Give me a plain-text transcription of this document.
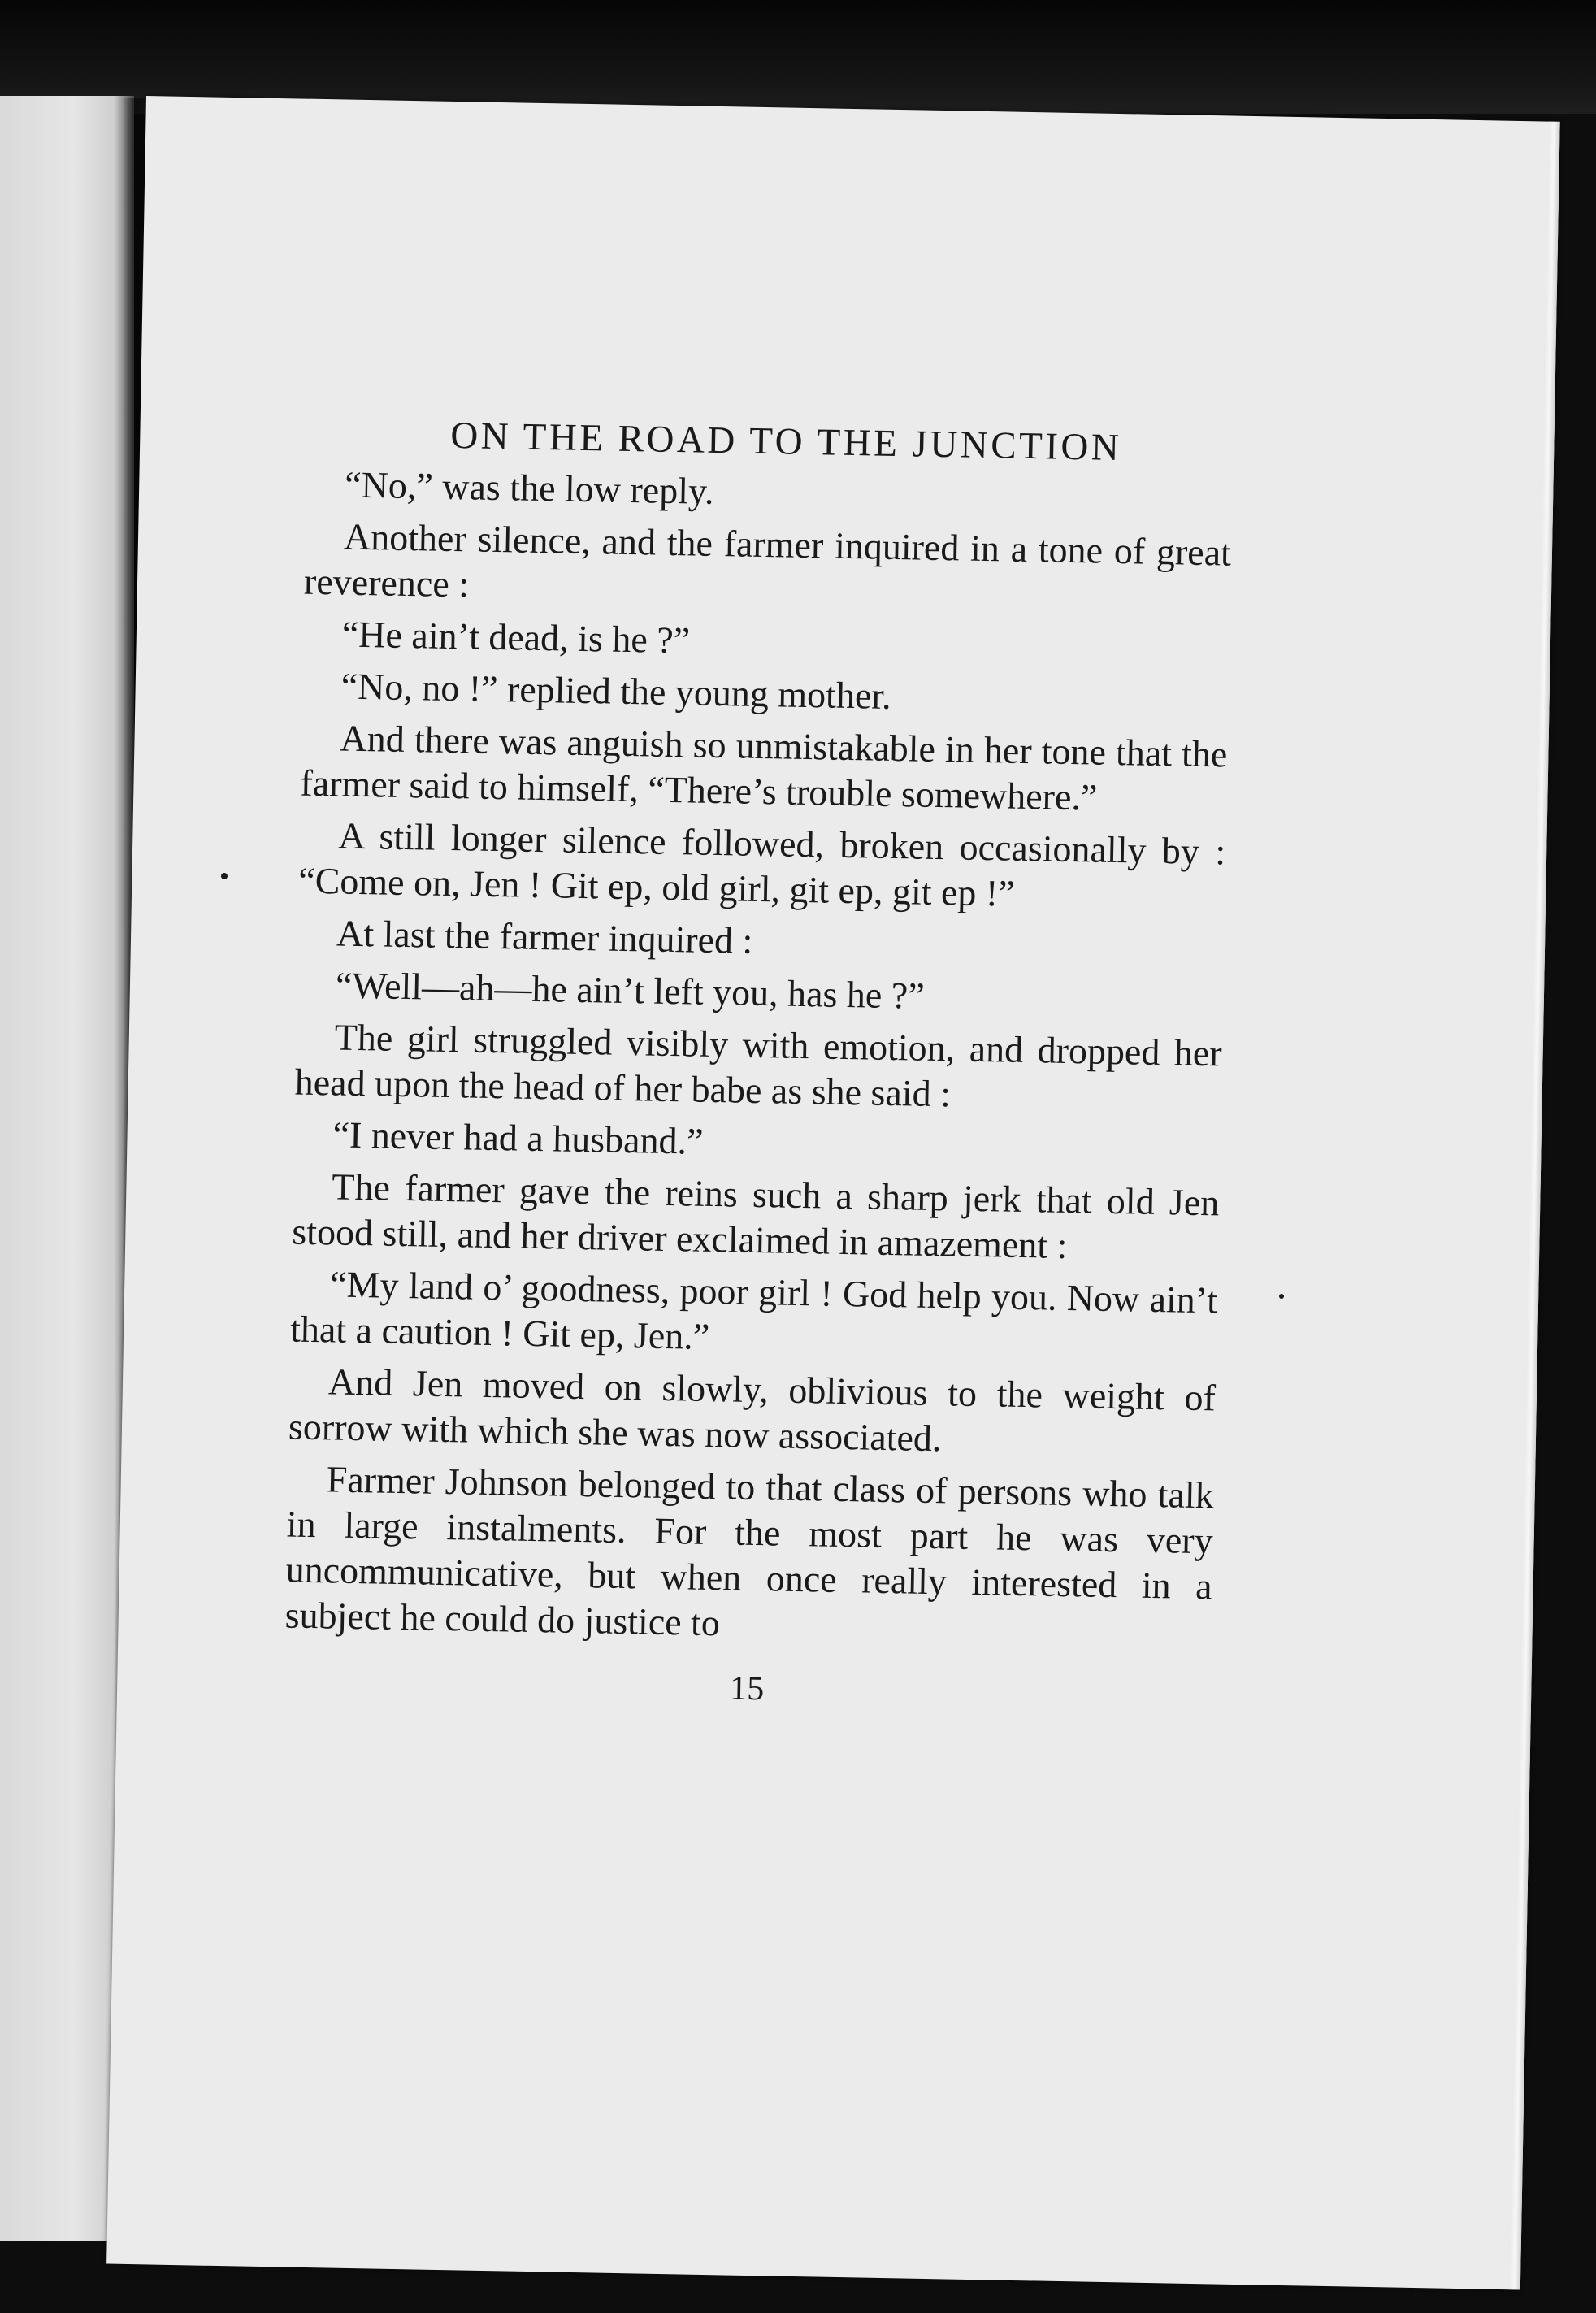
ON THE ROAD TO THE JUNCTION

“No,” was the low reply.

Another silence, and the farmer inquired in a tone of great reverence :

“He ain’t dead, is he ?”

“No, no !” replied the young mother.

And there was anguish so unmistakable in her tone that the farmer said to himself, “There’s trouble somewhere.”

A still longer silence followed, broken occasionally by : “Come on, Jen ! Git ep, old girl, git ep, git ep !”

At last the farmer inquired :

“Well—ah—he ain’t left you, has he ?”

The girl struggled visibly with emotion, and dropped her head upon the head of her babe as she said :

“I never had a husband.”

The farmer gave the reins such a sharp jerk that old Jen stood still, and her driver exclaimed in amazement :

“My land o’ goodness, poor girl ! God help you. Now ain’t that a caution ! Git ep, Jen.”

And Jen moved on slowly, oblivious to the weight of sorrow with which she was now associated.

Farmer Johnson belonged to that class of persons who talk in large instalments. For the most part he was very uncommunicative, but when once really interested in a subject he could do justice to

15
